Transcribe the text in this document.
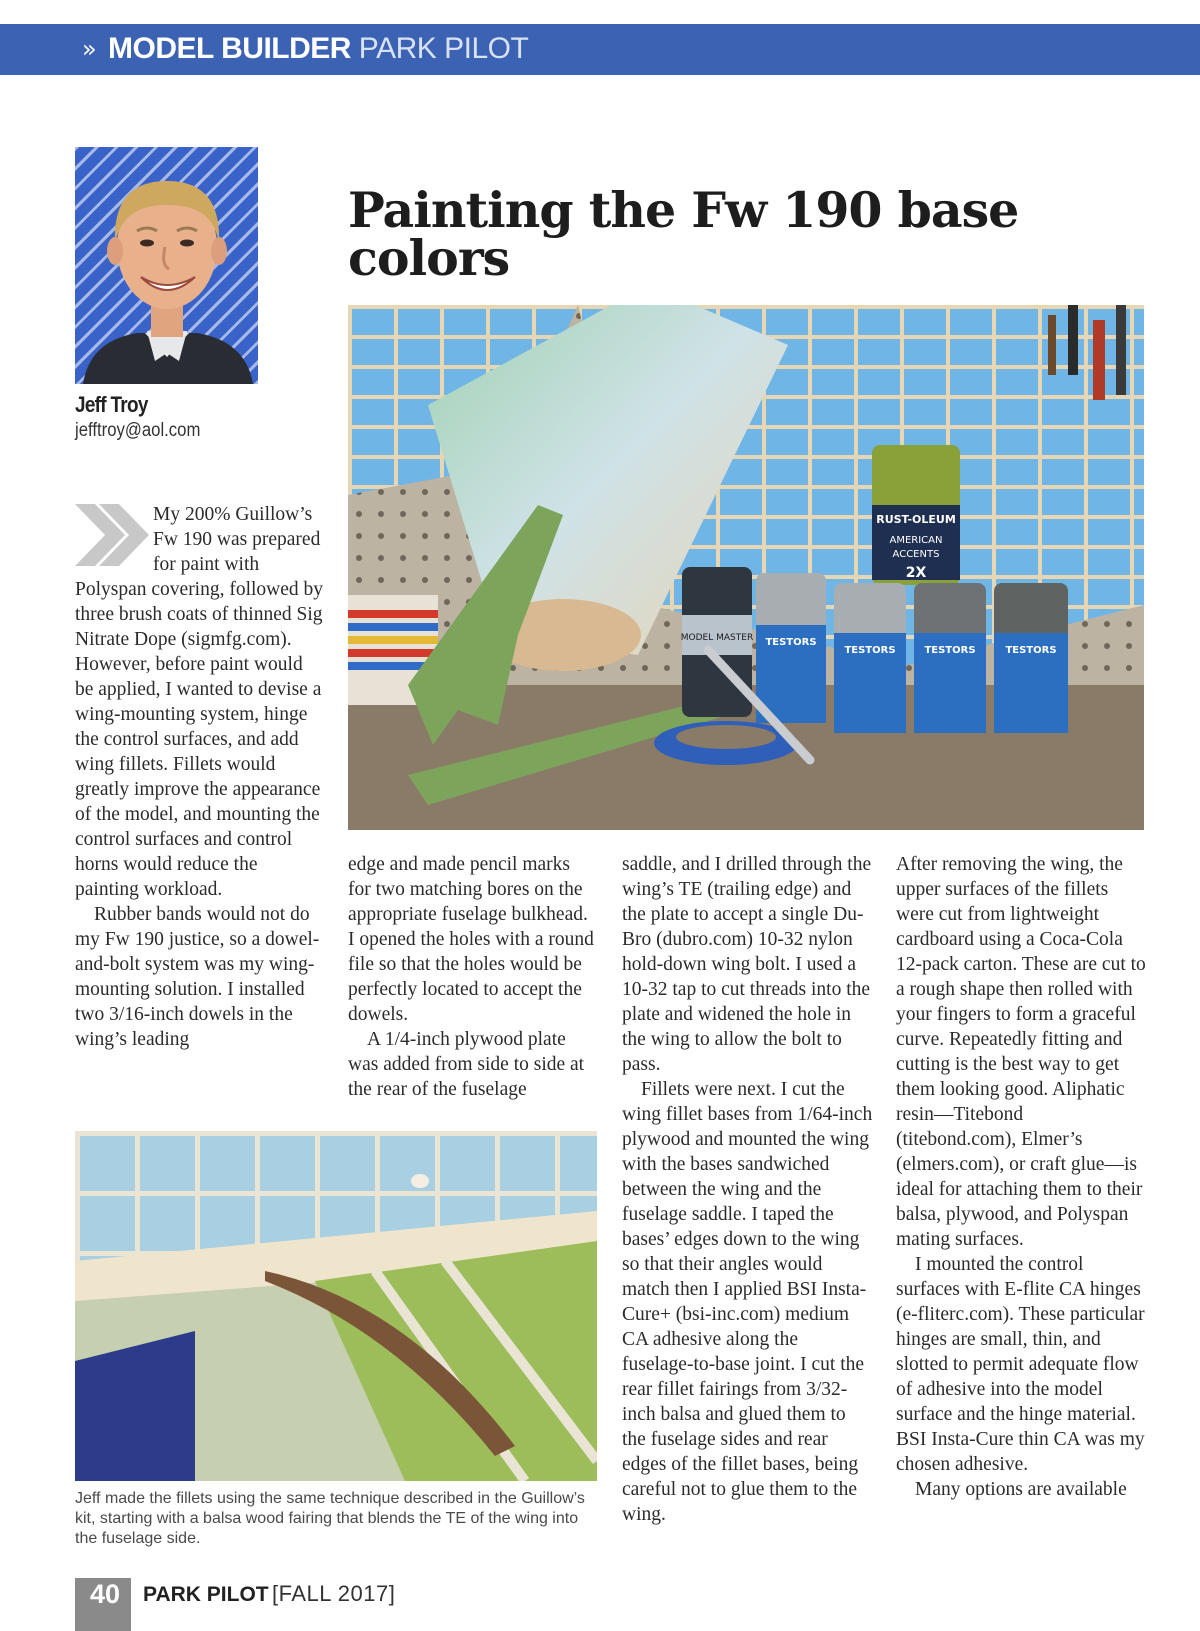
» MODEL BUILDER PARK PILOT
Jeff Troy
jefftroy@aol.com
Painting the Fw 190 base colors
RUST-OLEUM
AMERICAN
ACCENTS
2X
MODEL MASTER TESTORS
TESTORS	TESTORS	TESTORS

My 200% Guillow’s Fw 190 was prepared for paint with Polyspan covering, followed by three brush coats of thinned Sig Nitrate Dope (sigmfg.com). However, before paint would be applied, I wanted to devise a wing-mounting system, hinge the control surfaces, and add wing fillets. Fillets would greatly improve the appearance of the model, and mounting the control surfaces and control horns would reduce the painting workload.

Rubber bands would not do my Fw 190 justice, so a dowel-and-bolt system was my wing-mounting solution. I installed two 3/16-inch dowels in the wing’s leading

edge and made pencil marks for two matching bores on the appropriate fuselage bulkhead. I opened the holes with a round file so that the holes would be perfectly located to accept the dowels.

A 1/4-inch plywood plate was added from side to side at the rear of the fuselage

saddle, and I drilled through the wing’s TE (trailing edge) and the plate to accept a single Du-Bro (dubro.com) 10-32 nylon hold-down wing bolt. I used a 10-32 tap to cut threads into the plate and widened the hole in the wing to allow the bolt to pass.

Fillets were next. I cut the wing fillet bases from 1/64-inch plywood and mounted the wing with the bases sandwiched between the wing and the fuselage saddle. I taped the bases’ edges down to the wing so that their angles would match then I applied BSI Insta-Cure+ (bsi-inc.com) medium CA adhesive along the fuselage-to-base joint. I cut the rear fillet fairings from 3/32-inch balsa and glued them to the fuselage sides and rear edges of the fillet bases, being careful not to glue them to the wing.

After removing the wing, the upper surfaces of the fillets were cut from lightweight cardboard using a Coca-Cola 12-pack carton. These are cut to a rough shape then rolled with your fingers to form a graceful curve. Repeatedly fitting and cutting is the best way to get them looking good. Aliphatic resin—Titebond (titebond.com), Elmer’s (elmers.com), or craft glue—is ideal for attaching them to their balsa, plywood, and Polyspan mating surfaces.

I mounted the control surfaces with E-flite CA hinges (e-fliterc.com). These particular hinges are small, thin, and slotted to permit adequate flow of adhesive into the model surface and the hinge material. BSI Insta-Cure thin CA was my chosen adhesive.

Many options are available

Jeff made the fillets using the same technique described in the Guillow’s kit, starting with a balsa wood fairing that blends the TE of the wing into the fuselage side.

40 PARK PILOT [FALL 2017]
